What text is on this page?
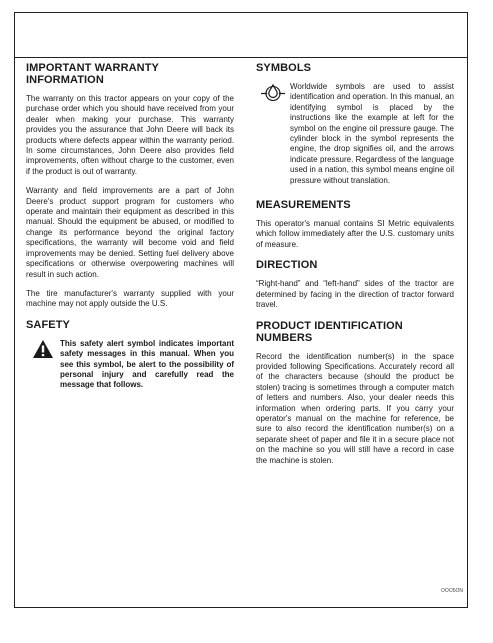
IMPORTANT WARRANTY INFORMATION

The warranty on this tractor appears on your copy of the purchase order which you should have received from your dealer when making your purchase. This warranty provides you the assurance that John Deere will back its products where defects appear within the warranty period. In some circumstances, John Deere also provides field improvements, often without charge to the customer, even if the product is out of warranty.

Warranty and field improvements are a part of John Deere's product support program for customers who operate and maintain their equipment as described in this manual. Should the equipment be abused, or modified to change its performance beyond the original factory specifications, the warranty will become void and field improvements may be denied. Setting fuel delivery above specifications or otherwise overpowering machines will result in such action.

The tire manufacturer's warranty supplied with your machine may not apply outside the U.S.

SAFETY

This safety alert symbol indicates important safety messages in this manual. When you see this symbol, be alert to the possibility of personal injury and carefully read the message that follows.

SYMBOLS

Worldwide symbols are used to assist identification and operation. In this manual, an identifying symbol is placed by the instructions like the example at left for the symbol on the engine oil pressure gauge. The cylinder block in the symbol represents the engine, the drop signifies oil, and the arrows indicate pressure. Regardless of the language used in a nation, this symbol means engine oil pressure without translation.

MEASUREMENTS

This operator's manual contains SI Metric equivalents which follow immediately after the U.S. customary units of measure.

DIRECTION

“Right-hand” and “left-hand” sides of the tractor are determined by facing in the direction of tractor forward travel.

PRODUCT IDENTIFICATION NUMBERS

Record the identification number(s) in the space provided following Specifications. Accurately record all of the characters because (should the product be stolen) tracing is sometimes through a computer match of letters and numbers. Also, your dealer needs this information when ordering parts. If you carry your operator's manual on the machine for reference, be sure to also record the identification number(s) on a separate sheet of paper and file it in a secure place not on the machine so you will still have a record in case the machine is stolen.

OOO5ON
